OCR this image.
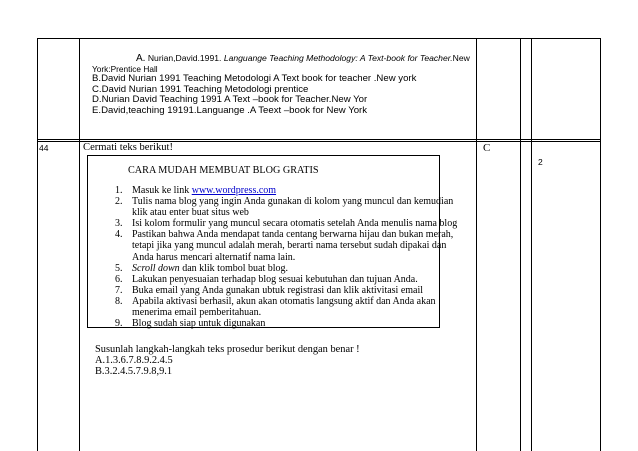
A. Nurian,David.1991. Languange Teaching Methodology: A Text-book for Teacher.New
York:Prentice Hall
B.David Nurian 1991 Teaching Metodologi A Text book for teacher .New york
C.David Nurian 1991 Teaching Metodologi prentice
D.Nurian David Teaching 1991 A Text –book for Teacher.New Yor
E.David,teaching 19191.Languange .A Teext –book for New York
44	Cermati teks berikut!	C
2
CARA MUDAH MEMBUAT BLOG GRATIS
1. Masuk ke link www.wordpress.com
2. Tulis nama blog yang ingin Anda gunakan di kolom yang muncul dan kemudian
klik atau enter buat situs web
3. Isi kolom formulir yang muncul secara otomatis setelah Anda menulis nama blog
4. Pastikan bahwa Anda mendapat tanda centang berwarna hijau dan bukan merah,
tetapi jika yang muncul adalah merah, berarti nama tersebut sudah dipakai dan
Anda harus mencari alternatif nama lain.
5. Scroll down dan klik tombol buat blog.
6. Lakukan penyesuaian terhadap blog sesuai kebutuhan dan tujuan Anda.
7. Buka email yang Anda gunakan ubtuk registrasi dan klik aktivitasi email
8. Apabila aktivasi berhasil, akun akan otomatis langsung aktif dan Anda akan
menerima email pemberitahuan.
9. Blog sudah siap untuk digunakan
Susunlah langkah-langkah teks prosedur berikut dengan benar !
A.1.3.6.7.8.9.2.4.5
B.3.2.4.5.7.9.8,9.1
